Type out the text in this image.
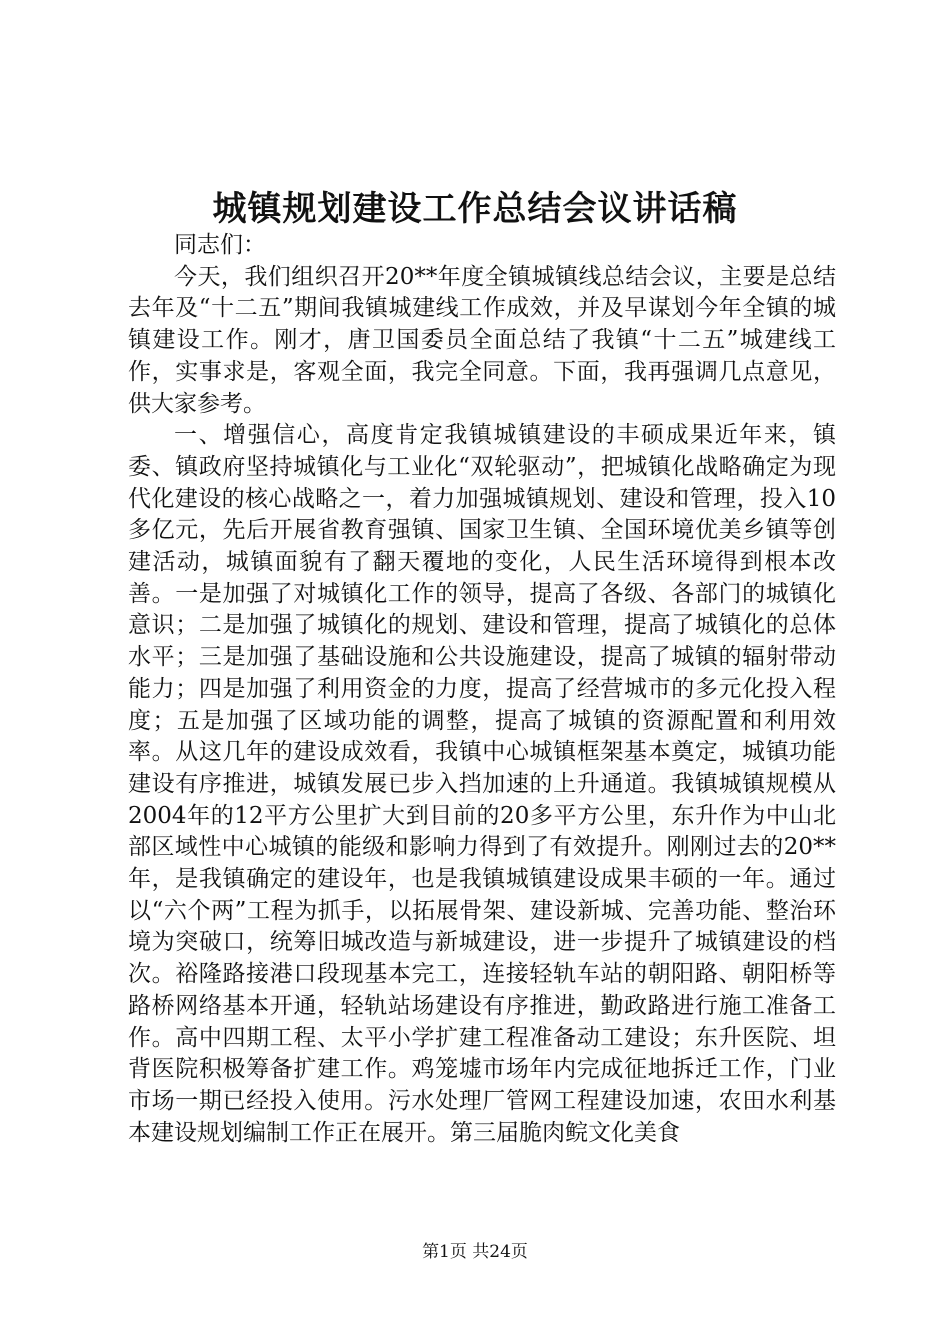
城镇规划建设工作总结会议讲话稿

同志们：

今天，我们组织召开20**年度全镇城镇线总结会议，主要是总结去年及“十二五”期间我镇城建线工作成效，并及早谋划今年全镇的城镇建设工作。刚才，唐卫国委员全面总结了我镇“十二五”城建线工作，实事求是，客观全面，我完全同意。下面，我再强调几点意见，供大家参考。

一、增强信心，高度肯定我镇城镇建设的丰硕成果近年来，镇委、镇政府坚持城镇化与工业化“双轮驱动”，把城镇化战略确定为现代化建设的核心战略之一，着力加强城镇规划、建设和管理，投入10多亿元，先后开展省教育强镇、国家卫生镇、全国环境优美乡镇等创建活动，城镇面貌有了翻天覆地的变化，人民生活环境得到根本改善。一是加强了对城镇化工作的领导，提高了各级、各部门的城镇化意识；二是加强了城镇化的规划、建设和管理，提高了城镇化的总体水平；三是加强了基础设施和公共设施建设，提高了城镇的辐射带动能力；四是加强了利用资金的力度，提高了经营城市的多元化投入程度；五是加强了区域功能的调整，提高了城镇的资源配置和利用效率。从这几年的建设成效看，我镇中心城镇框架基本奠定，城镇功能建设有序推进，城镇发展已步入挡加速的上升通道。我镇城镇规模从2004年的12平方公里扩大到目前的20多平方公里，东升作为中山北部区域性中心城镇的能级和影响力得到了有效提升。刚刚过去的20**年，是我镇确定的建设年，也是我镇城镇建设成果丰硕的一年。通过以“六个两”工程为抓手，以拓展骨架、建设新城、完善功能、整治环境为突破口，统筹旧城改造与新城建设，进一步提升了城镇建设的档次。裕隆路接港口段现基本完工，连接轻轨车站的朝阳路、朝阳桥等路桥网络基本开通，轻轨站场建设有序推进，勤政路进行施工准备工作。高中四期工程、太平小学扩建工程准备动工建设；东升医院、坦背医院积极筹备扩建工作。鸡笼墟市场年内完成征地拆迁工作，门业市场一期已经投入使用。污水处理厂管网工程建设加速，农田水利基本建设规划编制工作正在展开。第三届脆肉鲩文化美食

第1页 共24页
